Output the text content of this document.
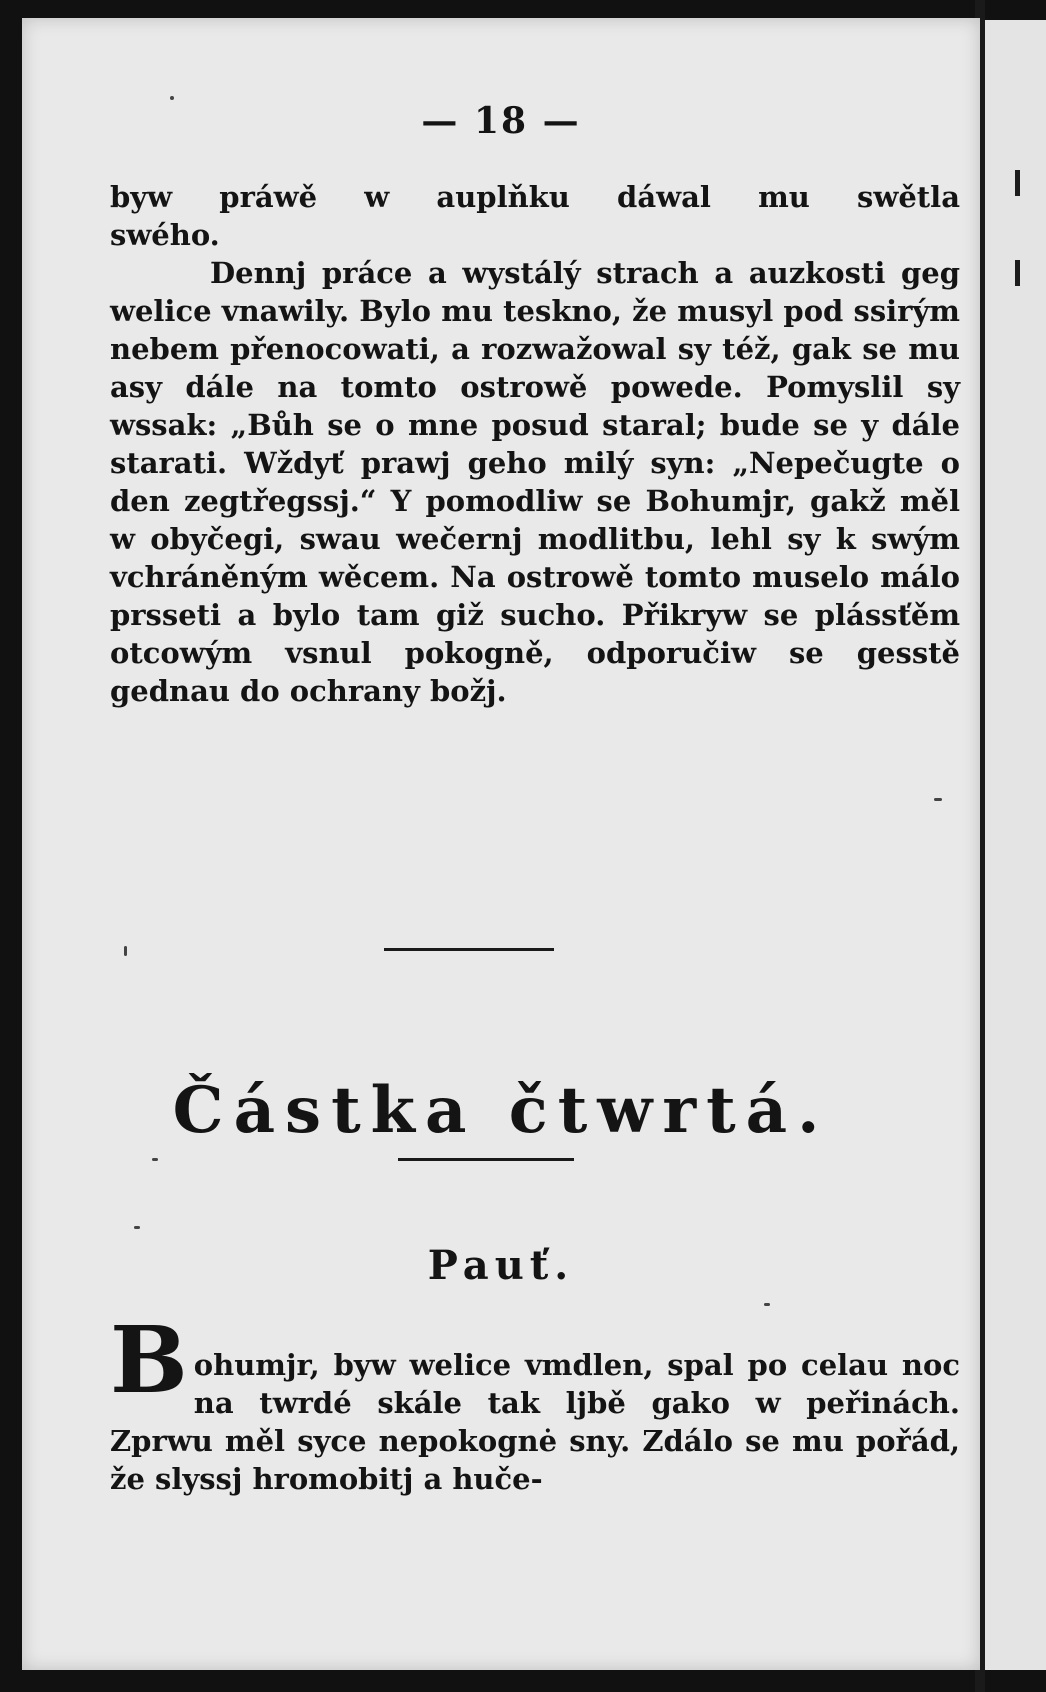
— 18 —

byw práwě w auplňku dáwal mu swětla

swého.

Dennj práce a wystálý strach a auzkosti geg welice vnawily. Bylo mu teskno, že musyl pod ssirým nebem přenocowati, a rozwažowal sy též, gak se mu asy dále na tomto ostrowě powede. Pomyslil sy wssak: „Bůh se o mne posud staral; bude se y dále starati. Wždyť prawj geho milý syn: „Nepečugte o den zegtřegssj.“ Y pomodliw se Bohumjr, gakž měl w obyčegi, swau wečernj modlitbu, lehl sy k swým vchráněným wěcem. Na ostrowě tomto muselo málo prsseti a bylo tam giž sucho. Přikryw se plássťěm otcowým vsnul pokogně, odporučiw se gesstě gednau do ochrany božj.

Částka čtwrtá.
Pauť.
B ohumjr, byw welice vmdlen, spal po celau noc na twrdé skále tak ljbě gako w peřinách. Zprwu měl syce nepokognė sny. Zdálo se mu pořád, že slyssj hromobitj a huče-
